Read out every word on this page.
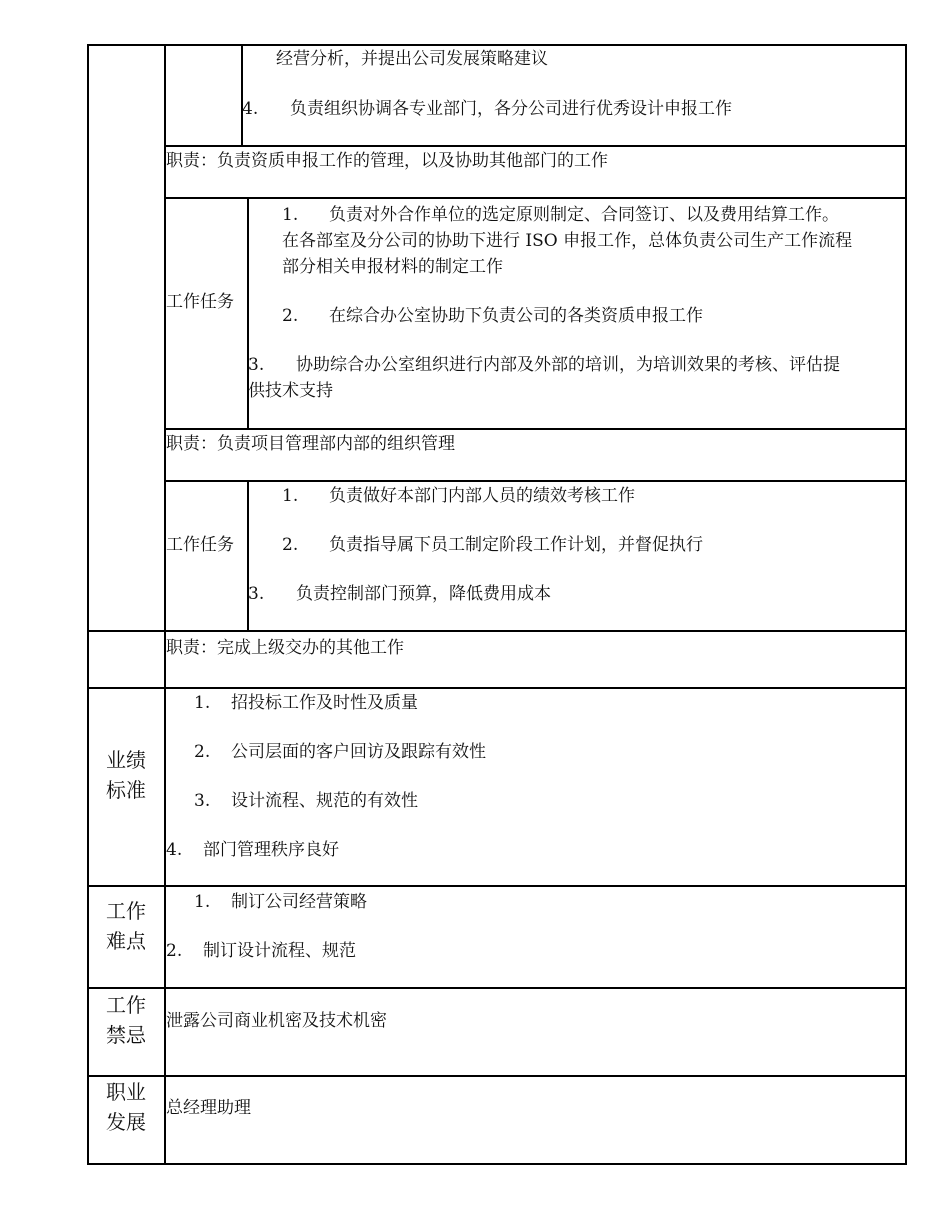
经营分析，并提出公司发展策略建议
4. 负责组织协调各专业部门，各分公司进行优秀设计申报工作
职责：负责资质申报工作的管理，以及协助其他部门的工作
工作任务
1. 负责对外合作单位的选定原则制定、合同签订、以及费用结算工作。
在各部室及分公司的协助下进行 ISO 申报工作，总体负责公司生产工作流程
部分相关申报材料的制定工作
2. 在综合办公室协助下负责公司的各类资质申报工作
3. 协助综合办公室组织进行内部及外部的培训，为培训效果的考核、评估提
供技术支持
职责：负责项目管理部内部的组织管理
工作任务
1. 负责做好本部门内部人员的绩效考核工作
2. 负责指导属下员工制定阶段工作计划，并督促执行
3. 负责控制部门预算，降低费用成本
职责：完成上级交办的其他工作
业绩
标准
1. 招投标工作及时性及质量
2. 公司层面的客户回访及跟踪有效性
3. 设计流程、规范的有效性
4. 部门管理秩序良好
工作
难点
1. 制订公司经营策略
2. 制订设计流程、规范
工作
禁忌
泄露公司商业机密及技术机密
职业
发展
总经理助理
